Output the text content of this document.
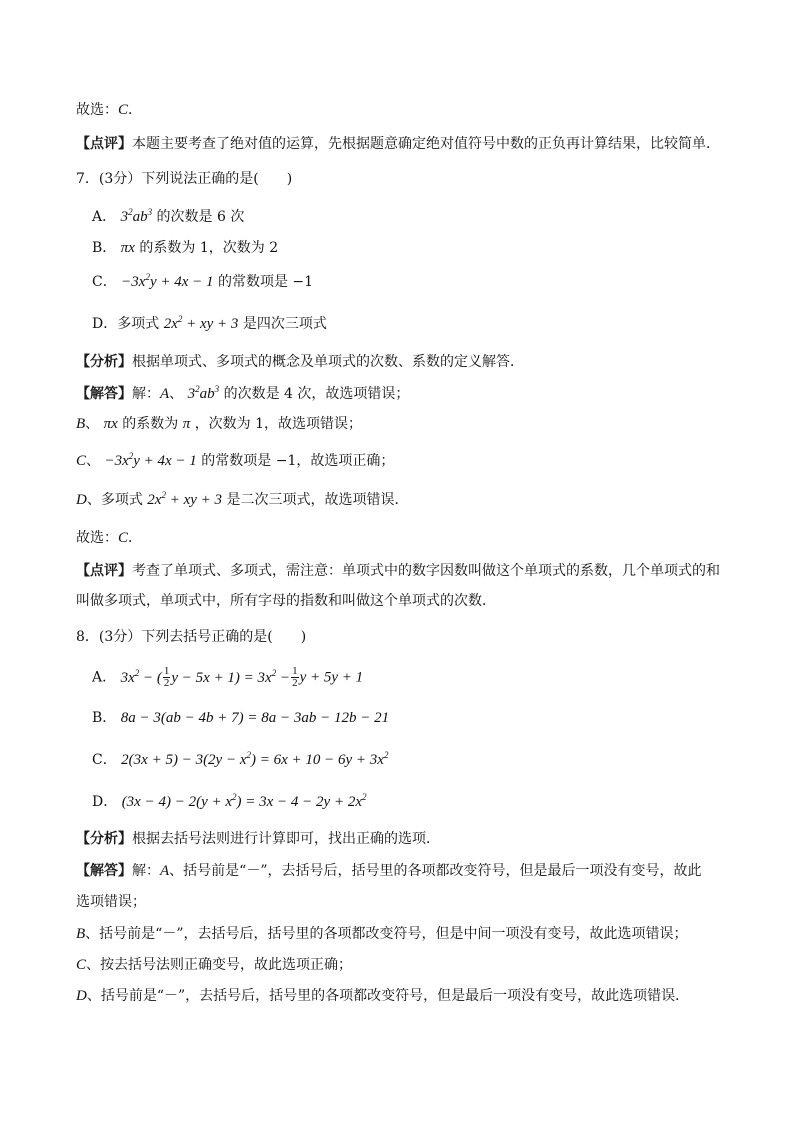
故选：C．
【点评】本题主要考查了绝对值的运算，先根据题意确定绝对值符号中数的正负再计算结果，比较简单．
7．(3分）下列说法正确的是(　　)
A． $3^2ab^3$ 的次数是 6 次
B． πx 的系数为 1，次数为 2
C． $-3x^2y + 4x - 1$ 的常数项是 −1
D．多项式 $2x^2$ + xy + 3 是四次三项式
【分析】根据单项式、多项式的概念及单项式的次数、系数的定义解答．
【解答】解：A、 $3^2ab^3$ 的次数是 4 次，故选项错误；
B、 πx 的系数为 π ，次数为 1，故选项错误；
C、 $-3x^2y + 4x - 1$ 的常数项是 −1，故选项正确；
D、多项式 $2x^2$ + xy + 3 是二次三项式，故选项错误．
故选：C．
【点评】考查了单项式、多项式，需注意：单项式中的数字因数叫做这个单项式的系数，几个单项式的和
叫做多项式，单项式中，所有字母的指数和叫做这个单项式的次数．
8．(3分）下列去括号正确的是(　　)
A． $3x^2$ − ( $\frac{1}{2}$ $y - 5x + 1) = 3x^2 - \frac{1}{2}$ y + 5y + 1
B． 8a − 3(ab − 4b + 7) = 8a − 3ab − 12b − 21
C． $2(3x + 5) - 3(2y - x^2) = 6x + 10 - 6y + 3x^2$
D． $(3x - 4) - 2(y + x^2) = 3x - 4 - 2y + 2x^2$
【分析】根据去括号法则进行计算即可，找出正确的选项．
【解答】解：A、括号前是“－”，去括号后，括号里的各项都改变符号，但是最后一项没有变号，故此
选项错误；
B、括号前是“－”，去括号后，括号里的各项都改变符号，但是中间一项没有变号，故此选项错误；
C、按去括号法则正确变号，故此选项正确；
D、括号前是“－”，去括号后，括号里的各项都改变符号，但是最后一项没有变号，故此选项错误．
